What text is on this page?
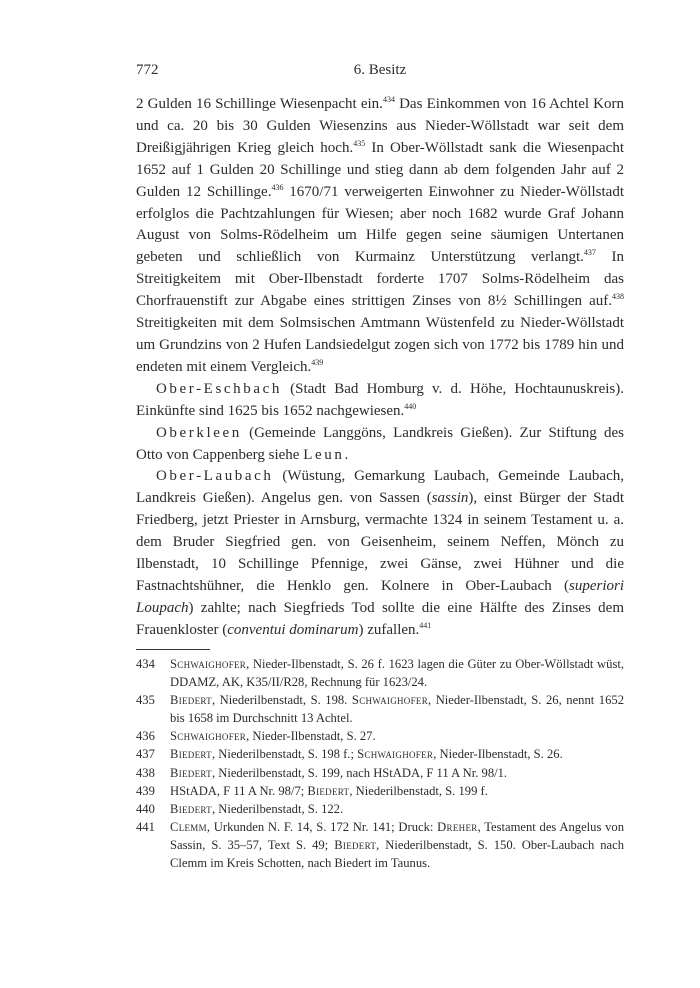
772	6. Besitz

2 Gulden 16 Schillinge Wiesenpacht ein.$^{434}$ Das Einkommen von 16 Achtel Korn und ca. 20 bis 30 Gulden Wiesenzins aus Nieder-Wöllstadt war seit dem Dreißigjährigen Krieg gleich hoch.$^{435}$ In Ober-Wöllstadt sank die Wiesenpacht 1652 auf 1 Gulden 20 Schillinge und stieg dann ab dem folgenden Jahr auf 2 Gulden 12 Schillinge.$^{436}$ 1670/71 verweigerten Einwohner zu Nieder-Wöllstadt erfolglos die Pachtzahlungen für Wiesen; aber noch 1682 wurde Graf Johann August von Solms-Rödelheim um Hilfe gegen seine säumigen Untertanen gebeten und schließlich von Kurmainz Unterstützung verlangt.$^{437}$ In Streitigkeitem mit Ober-Ilbenstadt forderte 1707 Solms-Rödelheim das Chorfrauenstift zur Abgabe eines strittigen Zinses von 8½ Schillingen auf.$^{438}$ Streitigkeiten mit dem Solmsischen Amtmann Wüstenfeld zu Nieder-Wöllstadt um Grundzins von 2 Hufen Landsiedelgut zogen sich von 1772 bis 1789 hin und endeten mit einem Vergleich.$^{439}$

Ober-Eschbach (Stadt Bad Homburg v. d. Höhe, Hochtaunuskreis). Einkünfte sind 1625 bis 1652 nachgewiesen.$^{440}$

Oberkleen (Gemeinde Langgöns, Landkreis Gießen). Zur Stiftung des Otto von Cappenberg siehe Leun.

Ober-Laubach (Wüstung, Gemarkung Laubach, Gemeinde Laubach, Landkreis Gießen). Angelus gen. von Sassen (sassin), einst Bürger der Stadt Friedberg, jetzt Priester in Arnsburg, vermachte 1324 in seinem Testament u. a. dem Bruder Siegfried gen. von Geisenheim, seinem Neffen, Mönch zu Ilbenstadt, 10 Schillinge Pfennige, zwei Gänse, zwei Hühner und die Fastnachtshühner, die Henklo gen. Kolnere in Ober-Laubach (superiori Loupach) zahlte; nach Siegfrieds Tod sollte die eine Hälfte des Zinses dem Frauenkloster (conventui dominarum) zufallen.$^{441}$

434	Schwaighofer, Nieder-Ilbenstadt, S. 26 f. 1623 lagen die Güter zu Ober-Wöllstadt wüst, DDAMZ, AK, K35/II/R28, Rechnung für 1623/24.
435	Biedert, Niederilbenstadt, S. 198. Schwaighofer, Nieder-Ilbenstadt, S. 26, nennt 1652 bis 1658 im Durchschnitt 13 Achtel.
436	Schwaighofer, Nieder-Ilbenstadt, S. 27.
437	Biedert, Niederilbenstadt, S. 198 f.; Schwaighofer, Nieder-Ilbenstadt, S. 26.
438	Biedert, Niederilbenstadt, S. 199, nach HStADA, F 11 A Nr. 98/1.
439	HStADA, F 11 A Nr. 98/7; Biedert, Niederilbenstadt, S. 199 f.
440	Biedert, Niederilbenstadt, S. 122.
441	Clemm, Urkunden N. F. 14, S. 172 Nr. 141; Druck: Dreher, Testament des Angelus von Sassin, S. 35–57, Text S. 49; Biedert, Niederilbenstadt, S. 150. Ober-Laubach nach Clemm im Kreis Schotten, nach Biedert im Taunus.
